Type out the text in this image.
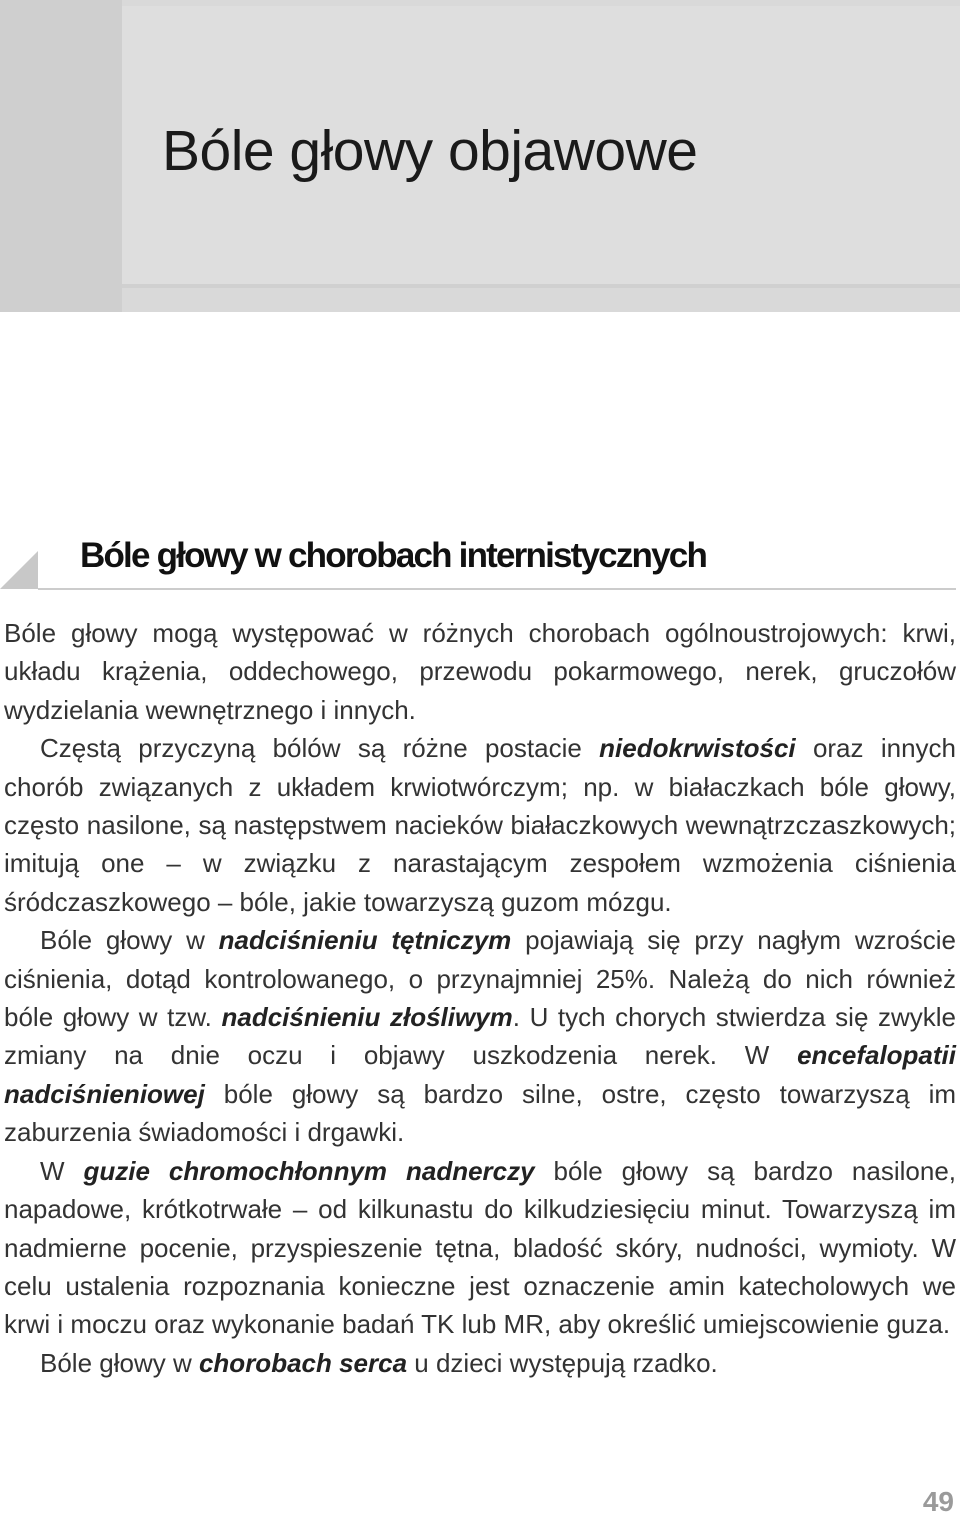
Bóle głowy objawowe
Bóle głowy w chorobach internistycznych

Bóle głowy mogą występować w różnych chorobach ogólnoustrojowych: krwi, układu krążenia, oddechowego, przewodu pokarmowego, nerek, gruczołów wydzielania wewnętrznego i innych.

Częstą przyczyną bólów są różne postacie niedokrwistości oraz innych chorób związanych z układem krwiotwórczym; np. w białaczkach bóle głowy, często nasilone, są następstwem nacieków białaczkowych wewnątrzczaszkowych; imitują one – w związku z narastającym zespołem wzmożenia ciśnienia śródczaszkowego – bóle, jakie towarzyszą guzom mózgu.

Bóle głowy w nadciśnieniu tętniczym pojawiają się przy nagłym wzroście ciśnienia, dotąd kontrolowanego, o przynajmniej 25%. Należą do nich również bóle głowy w tzw. nadciśnieniu złośliwym. U tych chorych stwierdza się zwykle zmiany na dnie oczu i objawy uszkodzenia nerek. W encefalopatii nadciśnieniowej bóle głowy są bardzo silne, ostre, często towarzyszą im zaburzenia świadomości i drgawki.

W guzie chromochłonnym nadnerczy bóle głowy są bardzo nasilone, napadowe, krótkotrwałe – od kilkunastu do kilkudziesięciu minut. Towarzyszą im nadmierne pocenie, przyspieszenie tętna, bladość skóry, nudności, wymioty. W celu ustalenia rozpoznania konieczne jest oznaczenie amin katecholowych we krwi i moczu oraz wykonanie badań TK lub MR, aby określić umiejscowienie guza.

Bóle głowy w chorobach serca u dzieci występują rzadko.

49
